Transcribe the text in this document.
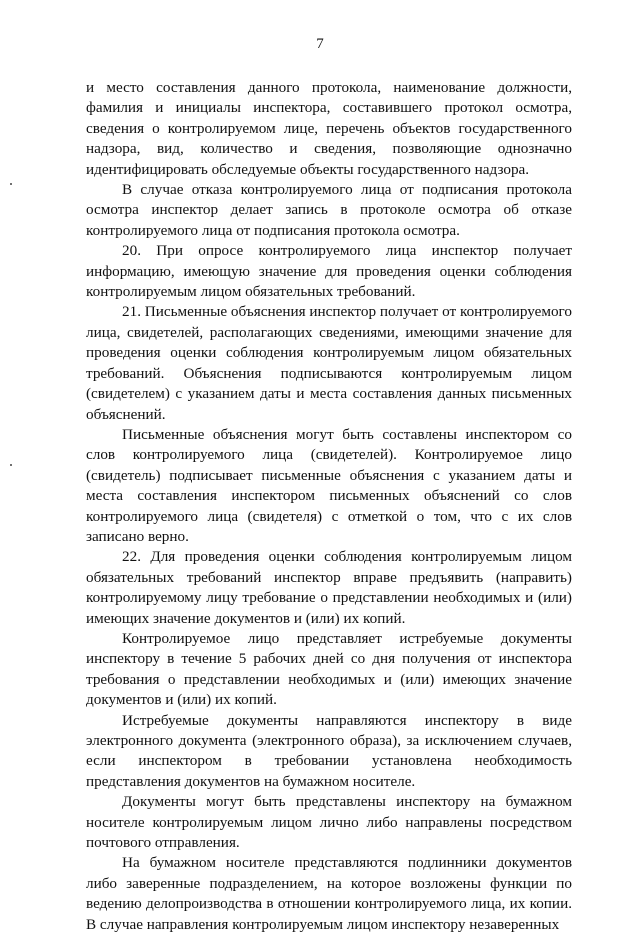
7

и место составления данного протокола, наименование должности, фамилия и инициалы инспектора, составившего протокол осмотра, сведения о контролируемом лице, перечень объектов государственного надзора, вид, количество и сведения, позволяющие однозначно идентифицировать обследуемые объекты государственного надзора.

В случае отказа контролируемого лица от подписания протокола осмотра инспектор делает запись в протоколе осмотра об отказе контролируемого лица от подписания протокола осмотра.

20. При опросе контролируемого лица инспектор получает информацию, имеющую значение для проведения оценки соблюдения контролируемым лицом обязательных требований.

21. Письменные объяснения инспектор получает от контролируемого лица, свидетелей, располагающих сведениями, имеющими значение для проведения оценки соблюдения контролируемым лицом обязательных требований. Объяснения подписываются контролируемым лицом (свидетелем) с указанием даты и места составления данных письменных объяснений.

Письменные объяснения могут быть составлены инспектором со слов контролируемого лица (свидетелей). Контролируемое лицо (свидетель) подписывает письменные объяснения с указанием даты и места составления инспектором письменных объяснений со слов контролируемого лица (свидетеля) с отметкой о том, что с их слов записано верно.

22. Для проведения оценки соблюдения контролируемым лицом обязательных требований инспектор вправе предъявить (направить) контролируемому лицу требование о представлении необходимых и (или) имеющих значение документов и (или) их копий.

Контролируемое лицо представляет истребуемые документы инспектору в течение 5 рабочих дней со дня получения от инспектора требования о представлении необходимых и (или) имеющих значение документов и (или) их копий.

Истребуемые документы направляются инспектору в виде электронного документа (электронного образа), за исключением случаев, если инспектором в требовании установлена необходимость представления документов на бумажном носителе.

Документы могут быть представлены инспектору на бумажном носителе контролируемым лицом лично либо направлены посредством почтового отправления.

На бумажном носителе представляются подлинники документов либо заверенные подразделением, на которое возложены функции по ведению делопроизводства в отношении контролируемого лица, их копии. В случае направления контролируемым лицом инспектору незаверенных
